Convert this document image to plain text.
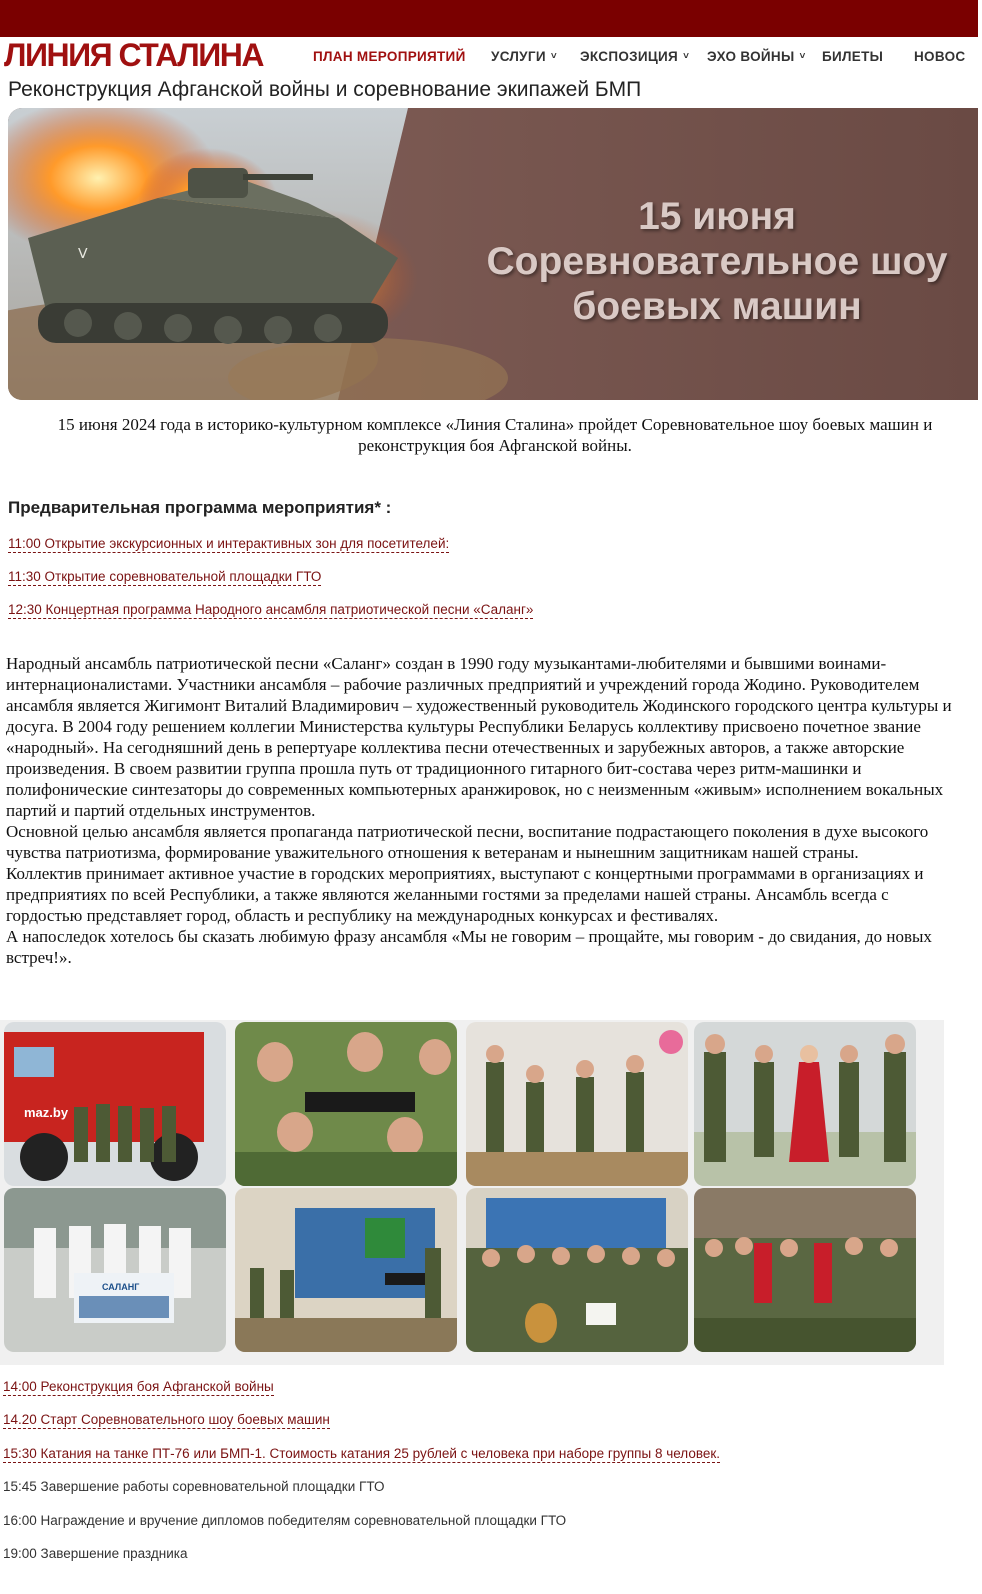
ЛИНИЯ СТАЛИНА	ПЛАН МЕРОПРИЯТИЙ УСЛУГИ ˅ ЭКСПОЗИЦИЯ ˅ ЭХО ВОЙНЫ ˅ БИЛЕТЫ НОВОС
Реконструкция Афганской войны и соревнование экипажей БМП
ᐯ
15 июня
Соревновательное шоу
боевых машин

15 июня 2024 года в историко-культурном комплексе «Линия Сталина» пройдет Соревновательное шоу боевых машин и реконструкция боя Афганской войны.

Предварительная программа мероприятия* :
11:00 Открытие экскурсионных и интерактивных зон для посетителей:
11:30 Открытие соревновательной площадки ГТО
12:30 Концертная программа Народного ансамбля патриотической песни «Саланг»

Народный ансамбль патриотической песни «Саланг» создан в 1990 году музыкантами-любителями и бывшими воинами-интернационалистами. Участники ансамбля – рабочие различных предприятий и учреждений города Жодино. Руководителем ансамбля является Жигимонт Виталий Владимирович – художественный руководитель Жодинского городского центра культуры и досуга. В 2004 году решением коллегии Министерства культуры Республики Беларусь коллективу присвоено почетное звание «народный». На сегодняшний день в репертуаре коллектива песни отечественных и зарубежных авторов, а также авторские произведения. В своем развитии группа прошла путь от традиционного гитарного бит-состава через ритм-машинки и полифонические синтезаторы до современных компьютерных аранжировок, но с неизменным «живым» исполнением вокальных партий и партий отдельных инструментов.

Основной целью ансамбля является пропаганда патриотической песни, воспитание подрастающего поколения в духе высокого чувства патриотизма, формирование уважительного отношения к ветеранам и нынешним защитникам нашей страны.

Коллектив принимает активное участие в городских мероприятиях, выступают с концертными программами в организациях и предприятиях по всей Республики, а также являются желанными гостями за пределами нашей страны. Ансамбль всегда с гордостью представляет город, область и республику на международных конкурсах и фестивалях.

А напоследок хотелось бы сказать любимую фразу ансамбля «Мы не говорим – прощайте, мы говорим - до свидания, до новых встреч!».

maz.by
САЛАНГ
14:00 Реконструкция боя Афганской войны
14.20 Старт Соревновательного шоу боевых машин
15:30 Катания на танке ПТ-76 или БМП-1. Стоимость катания 25 рублей с человека при наборе группы 8 человек.
15:45 Завершение работы соревновательной площадки ГТО
16:00 Награждение и вручение дипломов победителям соревновательной площадки ГТО
19:00 Завершение праздника
